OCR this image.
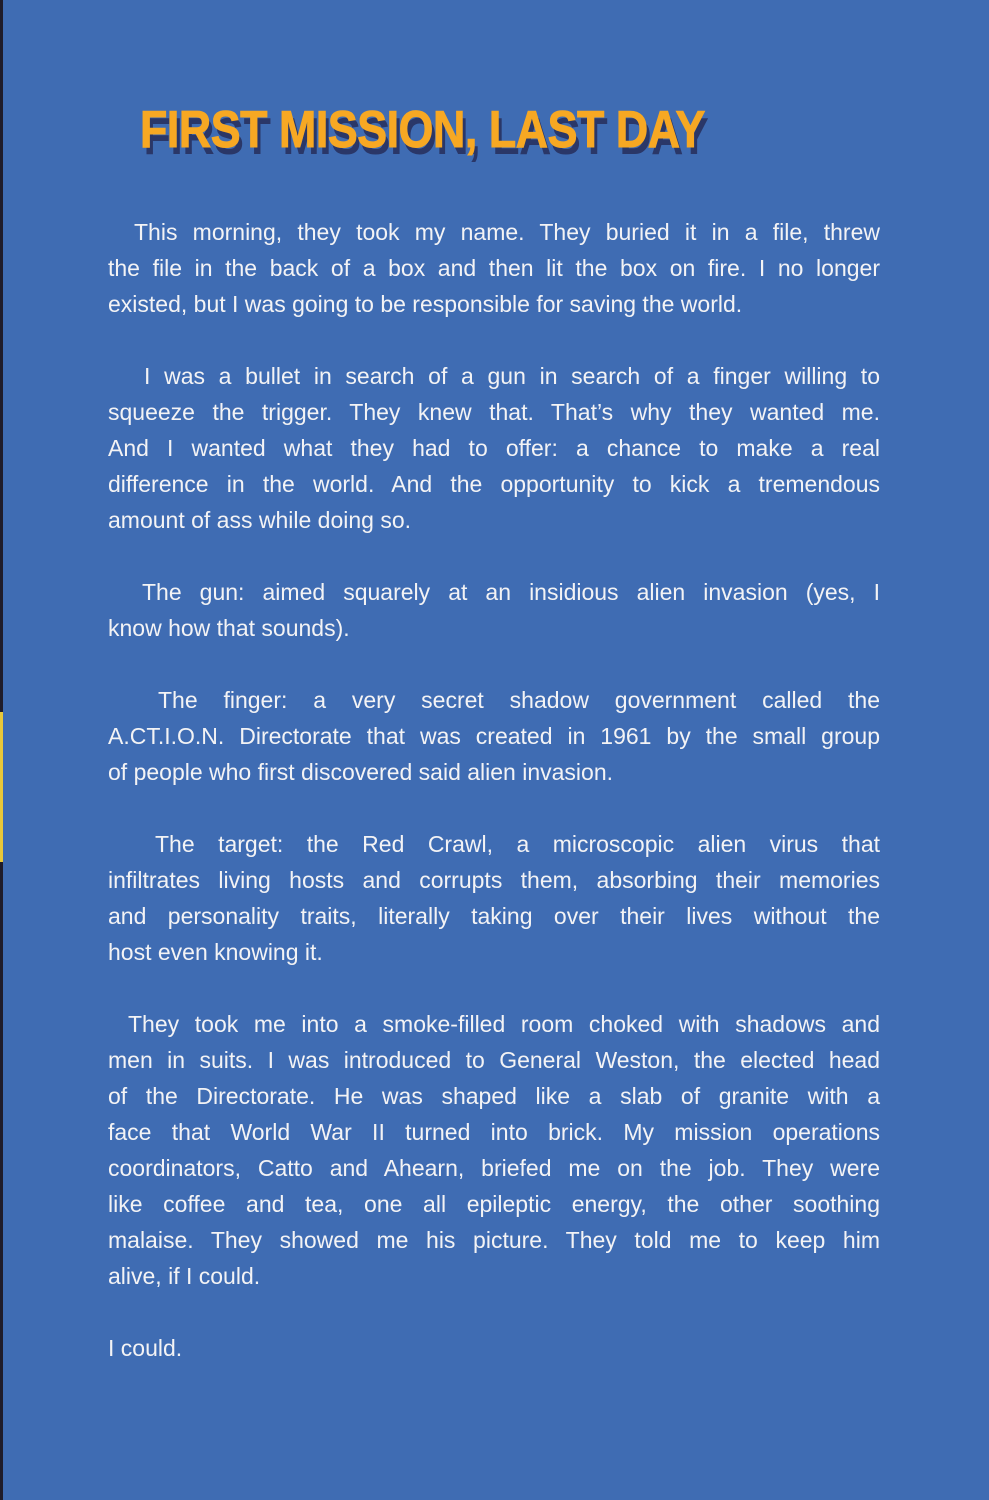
FIRST MISSION, LAST DAY
This morning, they took my name. They buried it in a file, threw
the file in the back of a box and then lit the box on fire. I no longer
existed, but I was going to be responsible for saving the world.
I was a bullet in search of a gun in search of a finger willing to
squeeze the trigger. They knew that. That’s why they wanted me.
And I wanted what they had to offer: a chance to make a real
difference in the world. And the opportunity to kick a tremendous
amount of ass while doing so.
The gun: aimed squarely at an insidious alien invasion (yes, I
know how that sounds).
The finger: a very secret shadow government called the
A.CT.I.O.N. Directorate that was created in 1961 by the small group
of people who first discovered said alien invasion.
The target: the Red Crawl, a microscopic alien virus that
infiltrates living hosts and corrupts them, absorbing their memories
and personality traits, literally taking over their lives without the
host even knowing it.
They took me into a smoke-filled room choked with shadows and
men in suits. I was introduced to General Weston, the elected head
of the Directorate. He was shaped like a slab of granite with a
face that World War II turned into brick. My mission operations
coordinators, Catto and Ahearn, briefed me on the job. They were
like coffee and tea, one all epileptic energy, the other soothing
malaise. They showed me his picture. They told me to keep him
alive, if I could.
I could.
